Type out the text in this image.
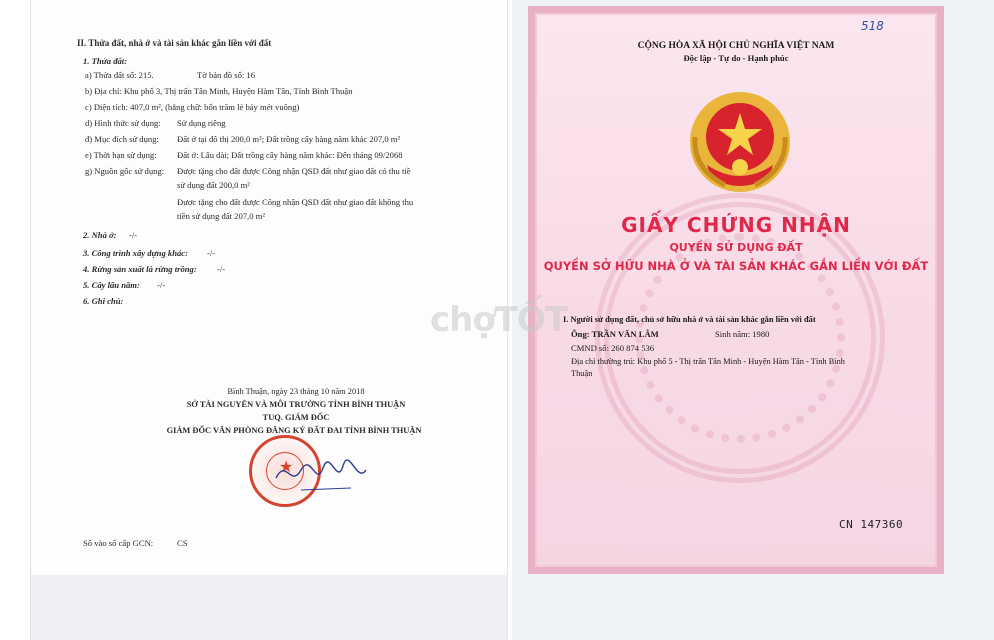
II. Thửa đất, nhà ở và tài sản khác gắn liền với đất
1. Thửa đất:
a) Thửa đất số: 215.	Tờ bản đồ số: 16
b) Địa chỉ: Khu phố 3, Thị trấn Tân Minh, Huyện Hàm Tân, Tỉnh Bình Thuận
c) Diện tích: 407,0 m², (bằng chữ: bốn trăm lẻ bảy mét vuông)
d) Hình thức sử dụng: Sử dụng riêng
đ) Mục đích sử dụng: Đất ở tại đô thị 200,0 m²; Đất trồng cây hàng năm khác 207,0 m²
e) Thời hạn sử dụng: Đất ở: Lâu dài; Đất trồng cây hàng năm khác: Đến tháng 09/2068
g) Nguồn gốc sử dụng: Được tặng cho đất được Công nhận QSD đất như giao đất có thu tiề
sử dụng đất 200,0 m²
Được tặng cho đất được Công nhận QSD đất như giao đất không thu
tiền sử dụng đất 207,0 m²
2. Nhà ở: -/-
3. Công trình xây dựng khác: -/-
4. Rừng sản xuất là rừng trồng: -/-
5. Cây lâu năm: -/-
6. Ghi chú:
Bình Thuận, ngày 23 tháng 10 năm 2018
SỞ TÀI NGUYÊN VÀ MÔI TRƯỜNG TỈNH BÌNH THUẬN
TUQ. GIÁM ĐỐC
GIÁM ĐỐC VĂN PHÒNG ĐĂNG KÝ ĐẤT ĐAI TỈNH BÌNH THUẬN
★
Số vào sổ cấp GCN:	CS
518
CỘNG HÒA XÃ HỘI CHỦ NGHĨA VIỆT NAM
Độc lập - Tự do - Hạnh phúc
GIẤY CHỨNG NHẬN
QUYỀN SỬ DỤNG ĐẤT
QUYỀN SỞ HỮU NHÀ Ở VÀ TÀI SẢN KHÁC GẮN LIỀN VỚI ĐẤT
I. Người sử dụng đất, chủ sở hữu nhà ở và tài sản khác gắn liền với đất
Ông: TRẦN VĂN LÂM	Sinh năm: 1980
CMND số: 260 874 536
Địa chỉ thường trú: Khu phố 5 - Thị trấn Tân Minh - Huyện Hàm Tân - Tỉnh Bình
Thuận
CN 147360
chợTỐT
